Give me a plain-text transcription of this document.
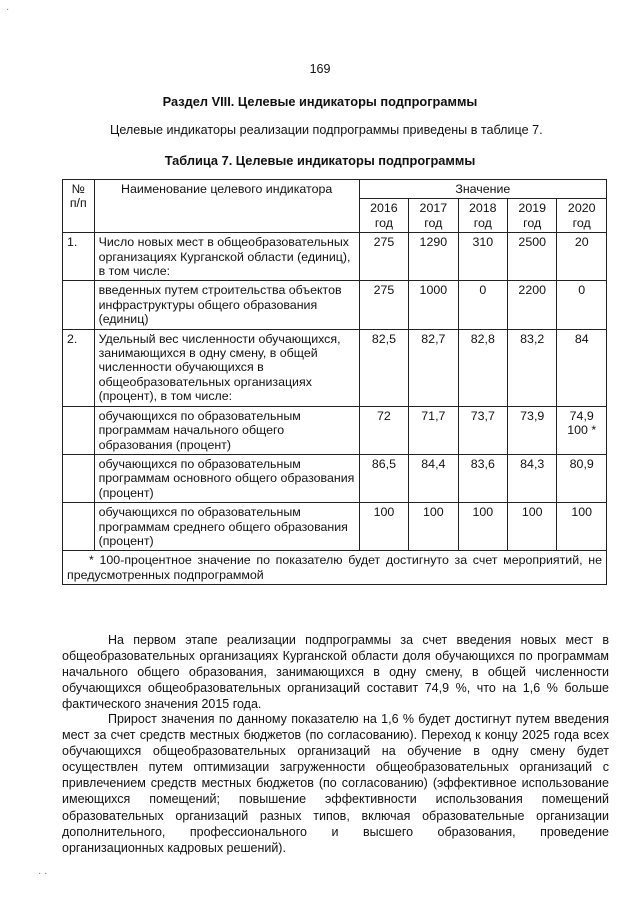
·
169
Раздел VIII. Целевые индикаторы подпрограммы
Целевые индикаторы реализации подпрограммы приведены в таблице 7.
Таблица 7. Целевые индикаторы подпрограммы
№ п/п	Наименование целевого индикатора	Значение				
		2016 год	2017 год	2018 год	2019 год	2020 год
1.	Число новых мест в общеобразовательных организациях Курганской области (единиц), в том числе:	275	1290	310	2500	20
	введенных путем строительства объектов инфраструктуры общего образования (единиц)	275	1000	0	2200	0
2.	Удельный вес численности обучающихся, занимающихся в одну смену, в общей численности обучающихся в общеобразовательных организациях (процент), в том числе:	82,5	82,7	82,8	83,2	84
	обучающихся по образовательным программам начального общего образования (процент)	72	71,7	73,7	73,9	74,9 100 *
	обучающихся по образовательным программам основного общего образования (процент)	86,5	84,4	83,6	84,3	80,9
	обучающихся по образовательным программам среднего общего образования (процент)	100	100	100	100	100
* 100-процентное значение по показателю будет достигнуто за счет мероприятий, не предусмотренных подпрограммой						

На первом этапе реализации подпрограммы за счет введения новых мест в общеобразовательных организациях Курганской области доля обучающихся по программам начального общего образования, занимающихся в одну смену, в общей численности обучающихся общеобразовательных организаций составит 74,9 %, что на 1,6 % больше фактического значения 2015 года.

Прирост значения по данному показателю на 1,6 % будет достигнут путем введения мест за счет средств местных бюджетов (по согласованию). Переход к концу 2025 года всех обучающихся общеобразовательных организаций на обучение в одну смену будет осуществлен путем оптимизации загруженности общеобразовательных организаций с привлечением средств местных бюджетов (по согласованию) (эффективное использование имеющихся помещений; повышение эффективности использования помещений образовательных организаций разных типов, включая образовательные организации дополнительного, профессионального и высшего образования, проведение организационных кадровых решений).

· ·
